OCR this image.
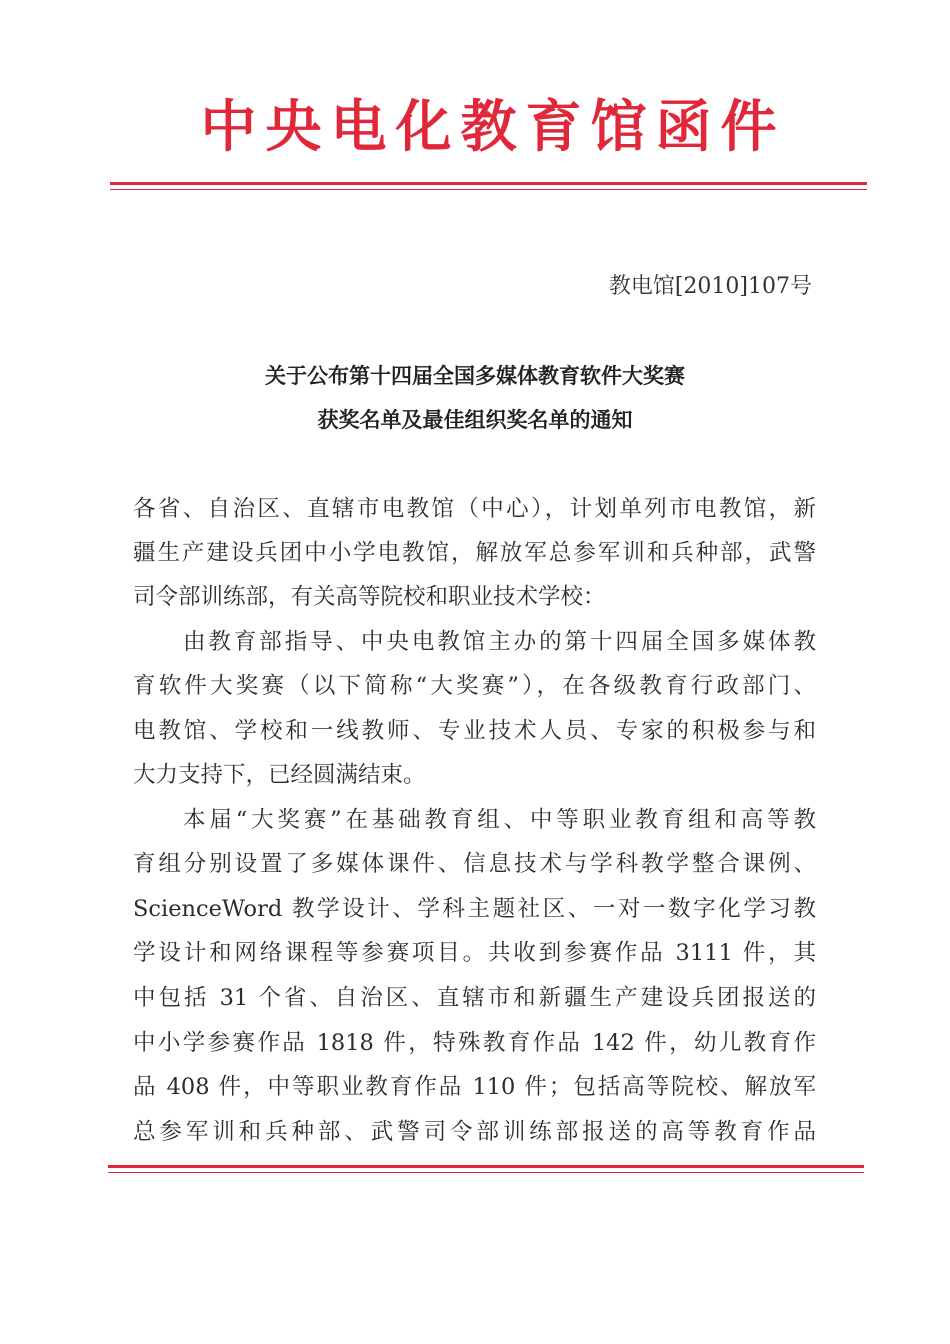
中央电化教育馆函件
教电馆[2010]107号
关于公布第十四届全国多媒体教育软件大奖赛
获奖名单及最佳组织奖名单的通知
各省、自治区、直辖市电教馆（中心），计划单列市电教馆，新
疆生产建设兵团中小学电教馆，解放军总参军训和兵种部，武警
司令部训练部，有关高等院校和职业技术学校：
由教育部指导、中央电教馆主办的第十四届全国多媒体教
育软件大奖赛（以下简称“大奖赛”），在各级教育行政部门、
电教馆、学校和一线教师、专业技术人员、专家的积极参与和
大力支持下，已经圆满结束。
本届“大奖赛”在基础教育组、中等职业教育组和高等教
育组分别设置了多媒体课件、信息技术与学科教学整合课例、
ScienceWord 教学设计、学科主题社区、一对一数字化学习教
学设计和网络课程等参赛项目。共收到参赛作品 3111 件，其
中包括 31 个省、自治区、直辖市和新疆生产建设兵团报送的
中小学参赛作品 1818 件，特殊教育作品 142 件，幼儿教育作
品 408 件，中等职业教育作品 110 件；包括高等院校、解放军
总参军训和兵种部、武警司令部训练部报送的高等教育作品
